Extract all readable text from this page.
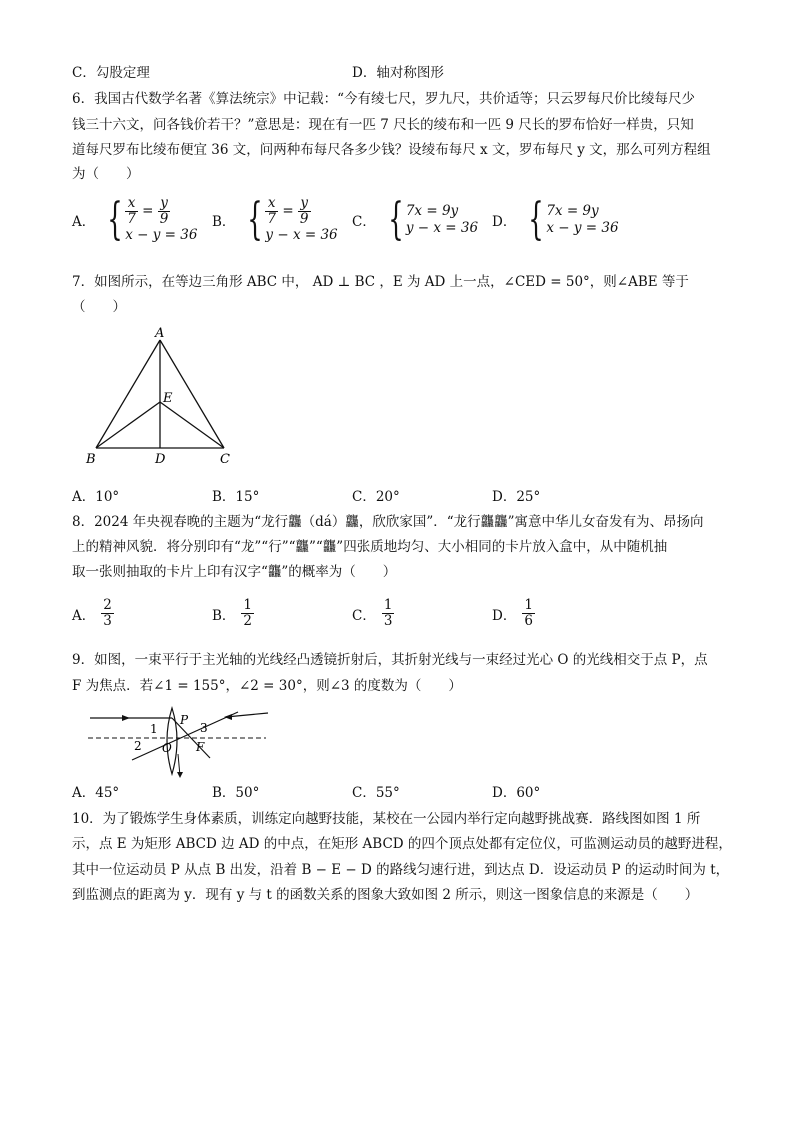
C．勾股定理	D．轴对称图形
6．我国古代数学名著《算法统宗》中记载：“今有绫七尺，罗九尺，共价适等；只云罗每尺价比绫每尺少
钱三十六文，问各钱价若干？”意思是：现在有一匹 7 尺长的绫布和一匹 9 尺长的罗布恰好一样贵，只知
道每尺罗布比绫布便宜 36 文，问两种布每尺各多少钱？设绫布每尺 x 文，罗布每尺 y 文，那么可列方程组
为（　　）
A． { $\frac{x}{7} = \frac{y}{9}$
x − y = 36
B． { $\frac{x}{7} = \frac{y}{9}$
y − x = 36
C． { 7x = 9y
y − x = 36 D． { 7x = 9y
x − y = 36
7．如图所示，在等边三角形 ABC 中， AD ⊥ BC ，E 为 AD 上一点，∠CED = 50°，则∠ABE 等于
（　　）
A
B	C
D
E
A．10°	B．15°	C．20°	D．25°
8．2024 年央视春晚的主题为“龙行龘（dá）龘，欣欣家国”．“龙行龘龘”寓意中华儿女奋发有为、昂扬向
上的精神风貌．将分别印有“龙”“行”“龘”“龘”四张质地均匀、大小相同的卡片放入盒中，从中随机抽
取一张则抽取的卡片上印有汉字“龘”的概率为（　　）
A． $\frac{2}{3}$	B． $\frac{1}{2}$	C． $\frac{1}{3}$	D． $\frac{1}{6}$
9．如图，一束平行于主光轴的光线经凸透镜折射后，其折射光线与一束经过光心 O 的光线相交于点 P，点
F 为焦点．若∠1 = 155°，∠2 = 30°，则∠3 的度数为（　　）
1
2
3
P
O F
A．45°	B．50°	C．55°	D．60°
10．为了锻炼学生身体素质，训练定向越野技能，某校在一公园内举行定向越野挑战赛．路线图如图 1 所
示，点 E 为矩形 ABCD 边 AD 的中点，在矩形 ABCD 的四个顶点处都有定位仪，可监测运动员的越野进程，
其中一位运动员 P 从点 B 出发，沿着 B − E − D 的路线匀速行进，到达点 D．设运动员 P 的运动时间为 t，
到监测点的距离为 y．现有 y 与 t 的函数关系的图象大致如图 2 所示，则这一图象信息的来源是（　　）
